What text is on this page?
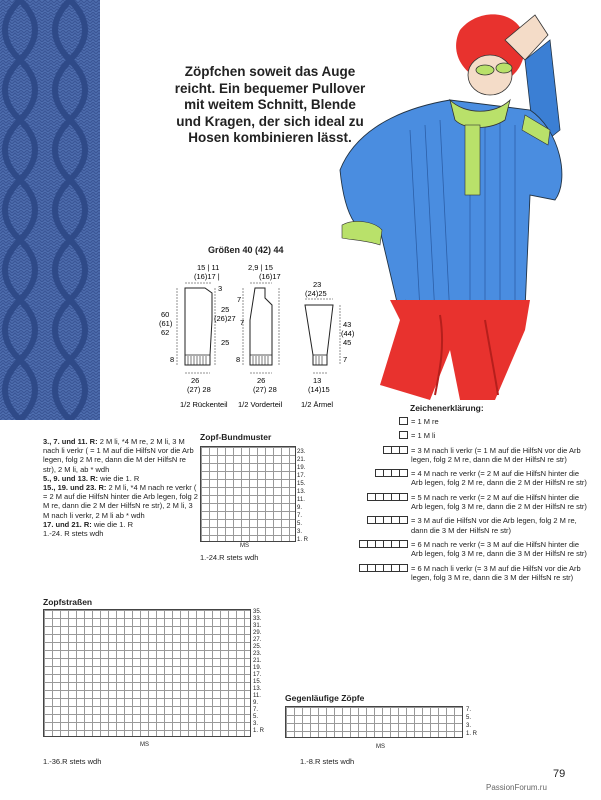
Zöpfchen soweit das Auge reicht. Ein bequemer Pullover mit weitem Schnitt, Blende und Kragen, der sich ideal zu Hosen kombinieren lässt.
Größen 40 (42) 44
15 | 11
(16)17 |
60
(61)
62
8
26
(27) 28
1/2 Rückenteil
3
7
25
(26)27
25
2,9 | 15
(16)17
7
8
26
(27) 28
1/2 Vorderteil
23
(24)25
43
(44)
45
7
13
(14)15
1/2 Ärmel	Zeichenerklärung:
= 1 M re
= 1 M li
= 3 M nach li verkr (= 1 M auf die HilfsN vor die Arb legen, folg 2 M re, dann die M der HilfsN re str)
= 4 M nach re verkr (= 2 M auf die HilfsN hinter die Arb legen, folg 2 M re, dann die 2 M der HilfsN re str)
= 5 M nach re verkr (= 2 M auf die HilfsN hinter die Arb legen, folg 3 M re, dann die 2 M der HilfsN re str)
= 3 M auf die HilfsN vor die Arb legen, folg 2 M re, dann die 3 M der HilfsN re str)
= 6 M nach re verkr (= 3 M auf die HilfsN hinter die Arb legen, folg 3 M re, dann die 3 M der HilfsN re str)
= 6 M nach li verkr (= 3 M auf die HilfsN vor die Arb legen, folg 3 M re, dann die 3 M der HilfsN re str)
3., 7. und 11. R: 2 M li, *4 M re, 2 M li, 3 M nach li verkr ( = 1 M auf die HilfsN vor die Arb legen, folg 2 M re, dann die M der HilfsN re str), 2 M li, ab * wdh
5., 9. und 13. R: wie die 1. R
15., 19. und 23. R: 2 M li, *4 M nach re verkr ( = 2 M auf die HilfsN hinter die Arb legen, folg 2 M re, dann die 2 M der HilfsN re str), 2 M li, 3 M nach li verkr, 2 M li ab * wdh
17. und 21. R: wie die 1. R
1.-24. R stets wdh
Zopf-Bundmuster
23.
21.
19.
17.
15.
13.
11.
9.
7.
5.
3.
1. R
MS
1.-24.R stets wdh
Zopfstraßen
35.
33.
31.
29.
27.
25.
23.
21.
19.
17.
15.
13.
11.
9.
7.
5.
3.
1. R
MS
1.-36.R stets wdh
Gegenläufige Zöpfe
7.
5.
3.
1. R
MS
1.-8.R stets wdh
79
PassionForum.ru
